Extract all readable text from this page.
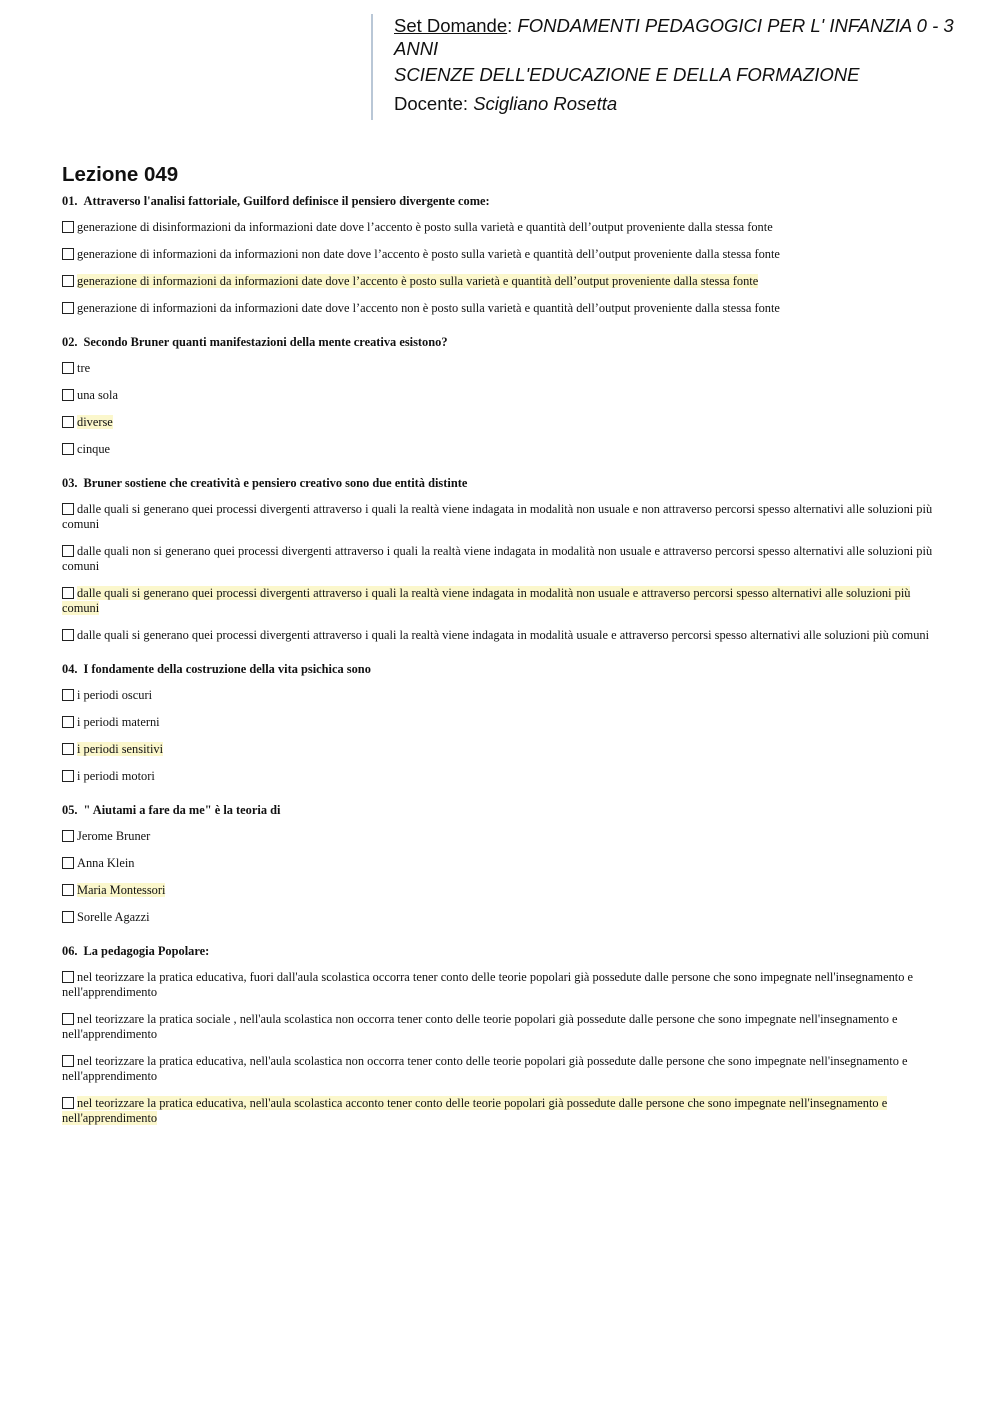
Set Domande: FONDAMENTI PEDAGOGICI PER L' INFANZIA 0 - 3
ANNI
SCIENZE DELL'EDUCAZIONE E DELLA FORMAZIONE
Docente: Scigliano Rosetta
Lezione 049
01. Attraverso l'analisi fattoriale, Guilford definisce il pensiero divergente come:
generazione di disinformazioni da informazioni date dove l’accento è posto sulla varietà e quantità dell’output proveniente dalla stessa fonte
generazione di informazioni da informazioni non date dove l’accento è posto sulla varietà e quantità dell’output proveniente dalla stessa fonte
generazione di informazioni da informazioni date dove l’accento è posto sulla varietà e quantità dell’output proveniente dalla stessa fonte
generazione di informazioni da informazioni date dove l’accento non è posto sulla varietà e quantità dell’output proveniente dalla stessa fonte
02. Secondo Bruner quanti manifestazioni della mente creativa esistono?
tre
una sola
diverse
cinque
03. Bruner sostiene che creatività e pensiero creativo sono due entità distinte
dalle quali si generano quei processi divergenti attraverso i quali la realtà viene indagata in modalità non usuale e non attraverso percorsi spesso alternativi alle soluzioni più comuni
dalle quali non si generano quei processi divergenti attraverso i quali la realtà viene indagata in modalità non usuale e attraverso percorsi spesso alternativi alle soluzioni più comuni
dalle quali si generano quei processi divergenti attraverso i quali la realtà viene indagata in modalità non usuale e attraverso percorsi spesso alternativi alle soluzioni più comuni
dalle quali si generano quei processi divergenti attraverso i quali la realtà viene indagata in modalità usuale e attraverso percorsi spesso alternativi alle soluzioni più comuni
04. I fondamente della costruzione della vita psichica sono
i periodi oscuri
i periodi materni
i periodi sensitivi
i periodi motori
05. " Aiutami a fare da me" è la teoria di
Jerome Bruner
Anna Klein
Maria Montessori
Sorelle Agazzi
06. La pedagogia Popolare:
nel teorizzare la pratica educativa, fuori dall'aula scolastica occorra tener conto delle teorie popolari già possedute dalle persone che sono impegnate nell'insegnamento e nell'apprendimento
nel teorizzare la pratica sociale , nell'aula scolastica non occorra tener conto delle teorie popolari già possedute dalle persone che sono impegnate nell'insegnamento e nell'apprendimento
nel teorizzare la pratica educativa, nell'aula scolastica non occorra tener conto delle teorie popolari già possedute dalle persone che sono impegnate nell'insegnamento e nell'apprendimento
nel teorizzare la pratica educativa, nell'aula scolastica acconto tener conto delle teorie popolari già possedute dalle persone che sono impegnate nell'insegnamento e nell'apprendimento
